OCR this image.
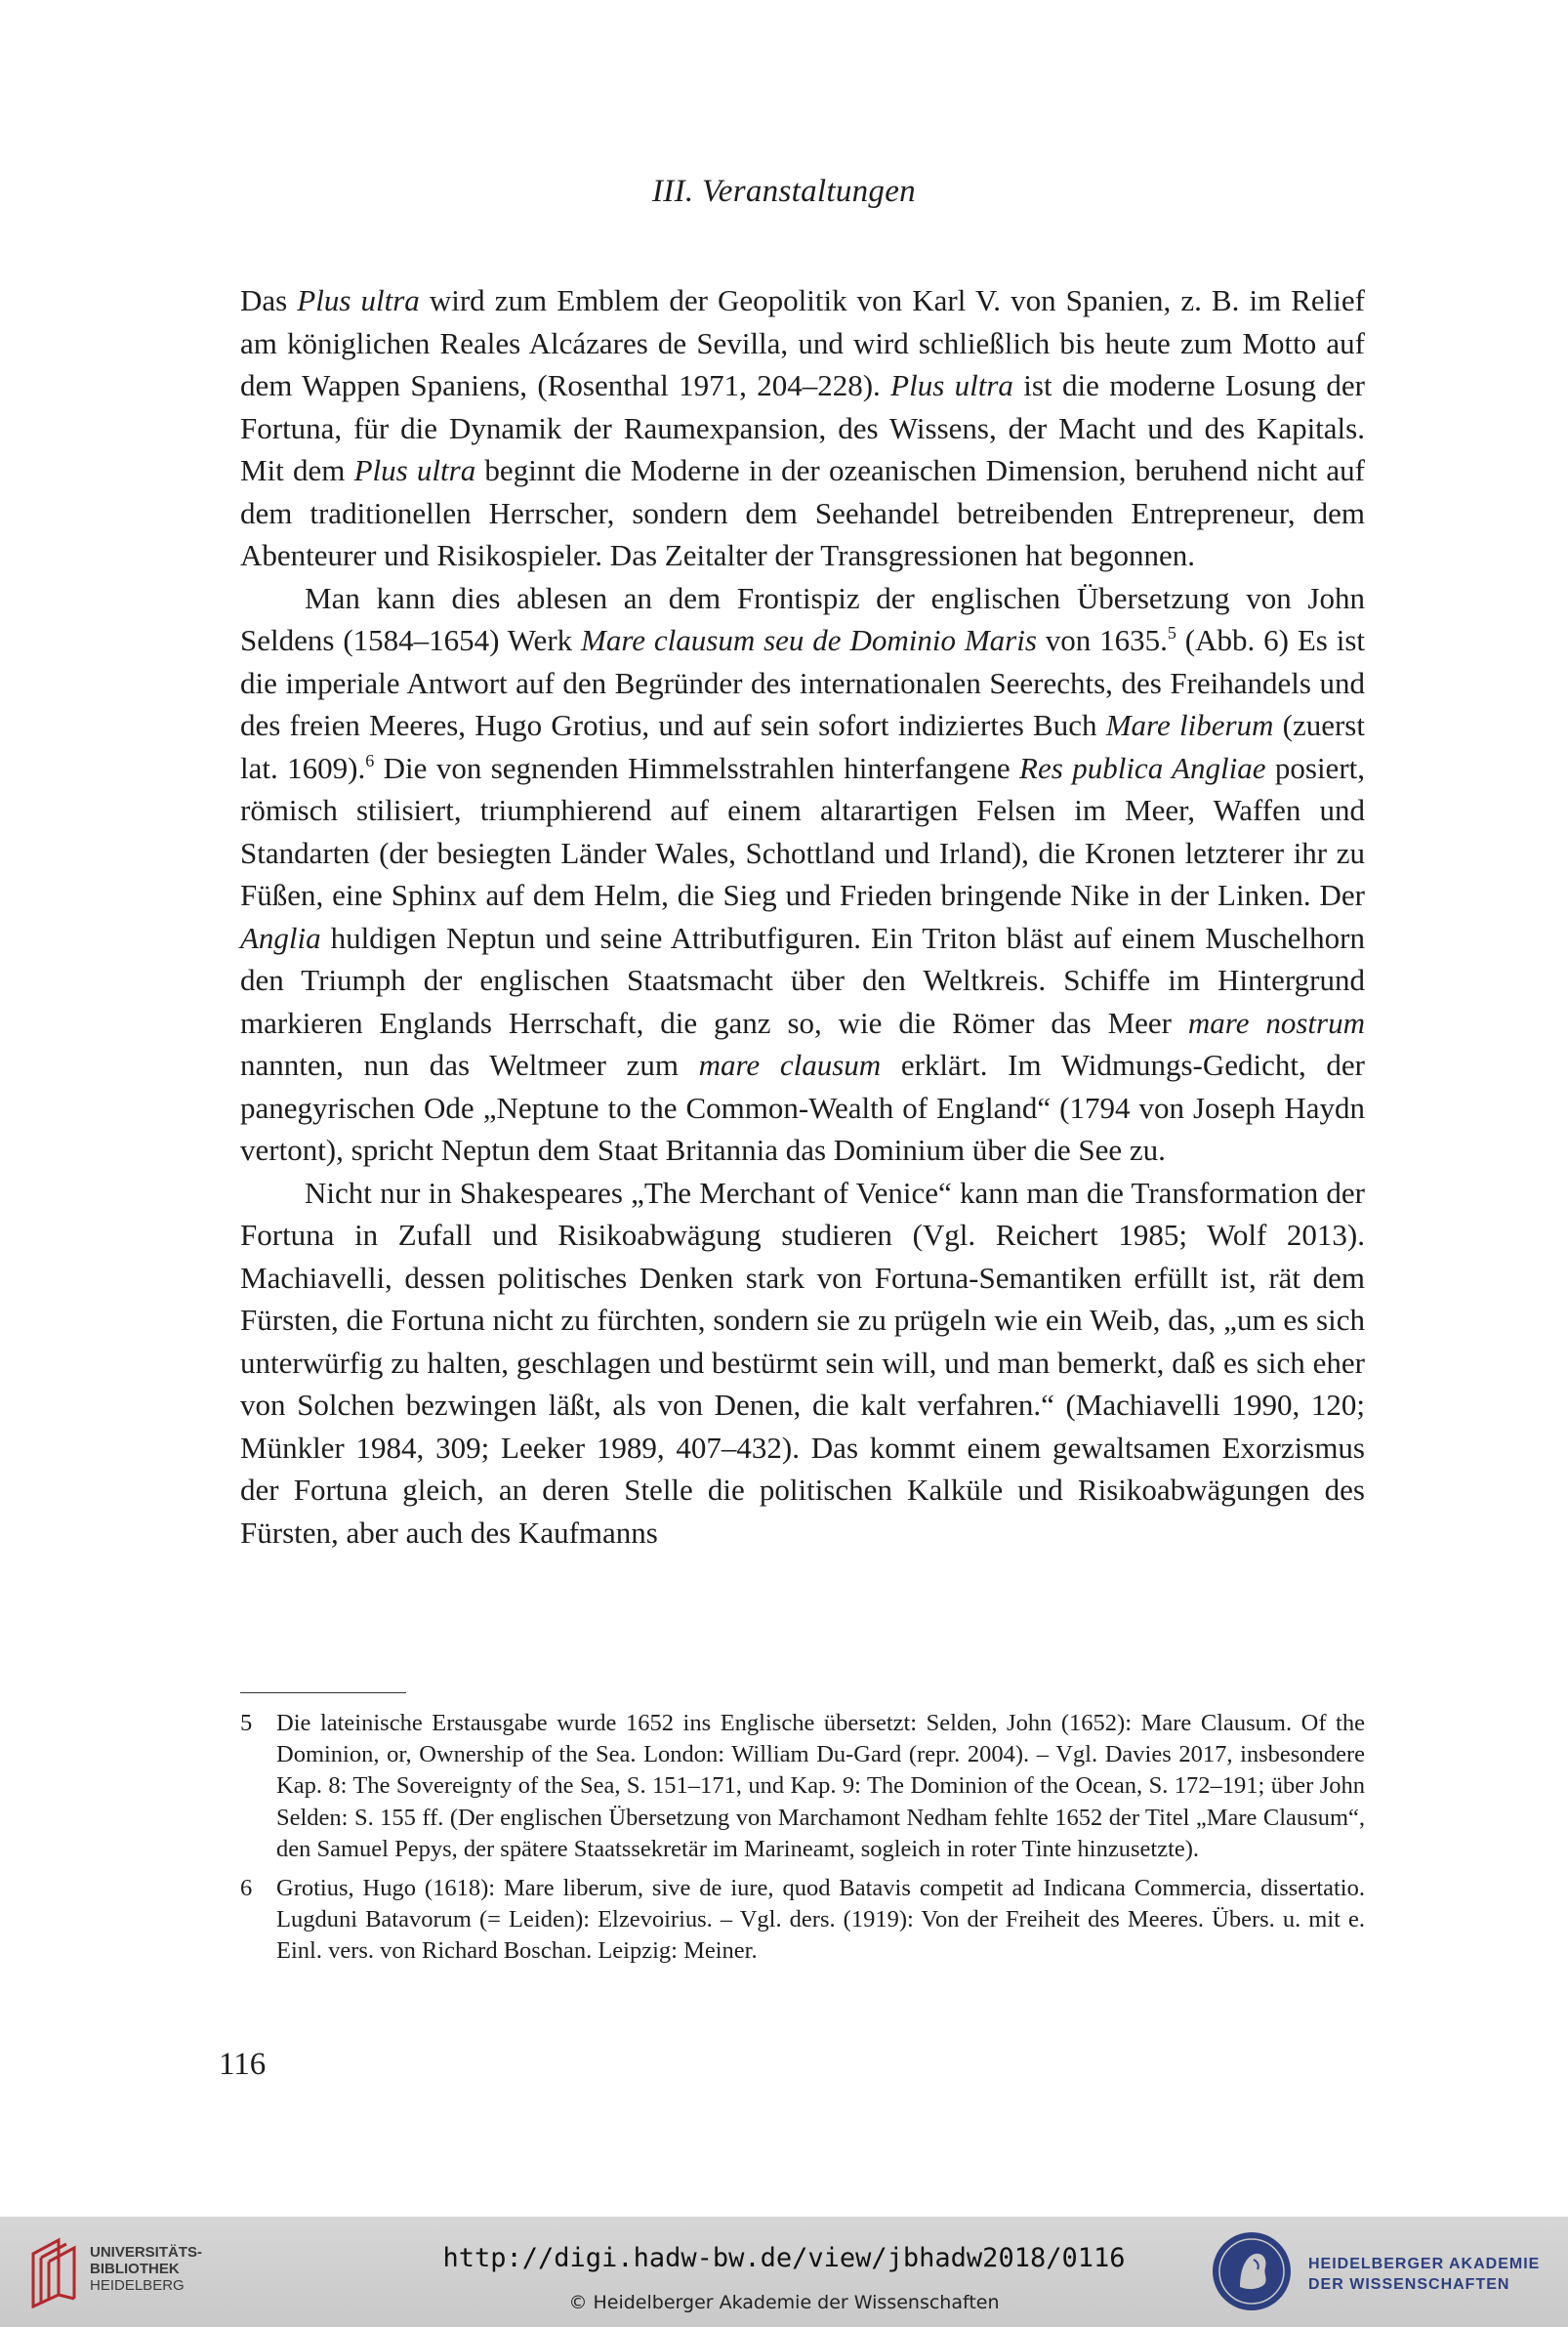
III. Veranstaltungen

Das Plus ultra wird zum Emblem der Geopolitik von Karl V. von Spanien, z. B. im Relief am königlichen Reales Alcázares de Sevilla, und wird schließlich bis heute zum Motto auf dem Wappen Spaniens, (Rosenthal 1971, 204–228). Plus ultra ist die moderne Losung der Fortuna, für die Dynamik der Raumexpansion, des Wissens, der Macht und des Kapitals. Mit dem Plus ultra beginnt die Moderne in der ozeanischen Dimension, beruhend nicht auf dem traditionellen Herrscher, sondern dem Seehandel betreibenden Entrepreneur, dem Abenteurer und Risikospieler. Das Zeitalter der Transgressionen hat begonnen.

Man kann dies ablesen an dem Frontispiz der englischen Übersetzung von John Seldens (1584–1654) Werk Mare clausum seu de Dominio Maris von 1635.$^5$ (Abb. 6) Es ist die imperiale Antwort auf den Begründer des internationalen Seerechts, des Freihandels und des freien Meeres, Hugo Grotius, und auf sein sofort indiziertes Buch Mare liberum (zuerst lat. 1609).$^6$ Die von segnenden Himmelsstrahlen hinterfangene Res publica Angliae posiert, römisch stilisiert, triumphierend auf einem altarartigen Felsen im Meer, Waffen und Standarten (der besiegten Länder Wales, Schottland und Irland), die Kronen letzterer ihr zu Füßen, eine Sphinx auf dem Helm, die Sieg und Frieden bringende Nike in der Linken. Der Anglia huldigen Neptun und seine Attributfiguren. Ein Triton bläst auf einem Muschelhorn den Triumph der englischen Staatsmacht über den Weltkreis. Schiffe im Hintergrund markieren Englands Herrschaft, die ganz so, wie die Römer das Meer mare nostrum nannten, nun das Weltmeer zum mare clausum erklärt. Im Widmungs-Gedicht, der panegyrischen Ode „Neptune to the Common-Wealth of England“ (1794 von Joseph Haydn vertont), spricht Neptun dem Staat Britannia das Dominium über die See zu.

Nicht nur in Shakespeares „The Merchant of Venice“ kann man die Transformation der Fortuna in Zufall und Risikoabwägung studieren (Vgl. Reichert 1985; Wolf 2013). Machiavelli, dessen politisches Denken stark von Fortuna-Semantiken erfüllt ist, rät dem Fürsten, die Fortuna nicht zu fürchten, sondern sie zu prügeln wie ein Weib, das, „um es sich unterwürfig zu halten, geschlagen und bestürmt sein will, und man bemerkt, daß es sich eher von Solchen bezwingen läßt, als von Denen, die kalt verfahren.“ (Machiavelli 1990, 120; Münkler 1984, 309; Leeker 1989, 407–432). Das kommt einem gewaltsamen Exorzismus der Fortuna gleich, an deren Stelle die politischen Kalküle und Risikoabwägungen des Fürsten, aber auch des Kaufmanns

5	Die lateinische Erstausgabe wurde 1652 ins Englische übersetzt: Selden, John (1652): Mare Clausum. Of the Dominion, or, Ownership of the Sea. London: William Du-Gard (repr. 2004). – Vgl. Davies 2017, insbesondere Kap. 8: The Sovereignty of the Sea, S. 151–171, und Kap. 9: The Dominion of the Ocean, S. 172–191; über John Selden: S. 155 ff. (Der englischen Übersetzung von Marchamont Nedham fehlte 1652 der Titel „Mare Clausum“, den Samuel Pepys, der spätere Staatssekretär im Marineamt, sogleich in roter Tinte hinzusetzte).
6	Grotius, Hugo (1618): Mare liberum, sive de iure, quod Batavis competit ad Indicana Commercia, dissertatio. Lugduni Batavorum (= Leiden): Elzevoirius. – Vgl. ders. (1919): Von der Freiheit des Meeres. Übers. u. mit e. Einl. vers. von Richard Boschan. Leipzig: Meiner.
116
UNIVERSITÄTS-
BIBLIOTHEK
HEIDELBERG
http://digi.hadw-bw.de/view/jbhadw2018/0116
© Heidelberger Akademie der Wissenschaften
HEIDELBERGER AKADEMIE
DER WISSENSCHAFTEN
